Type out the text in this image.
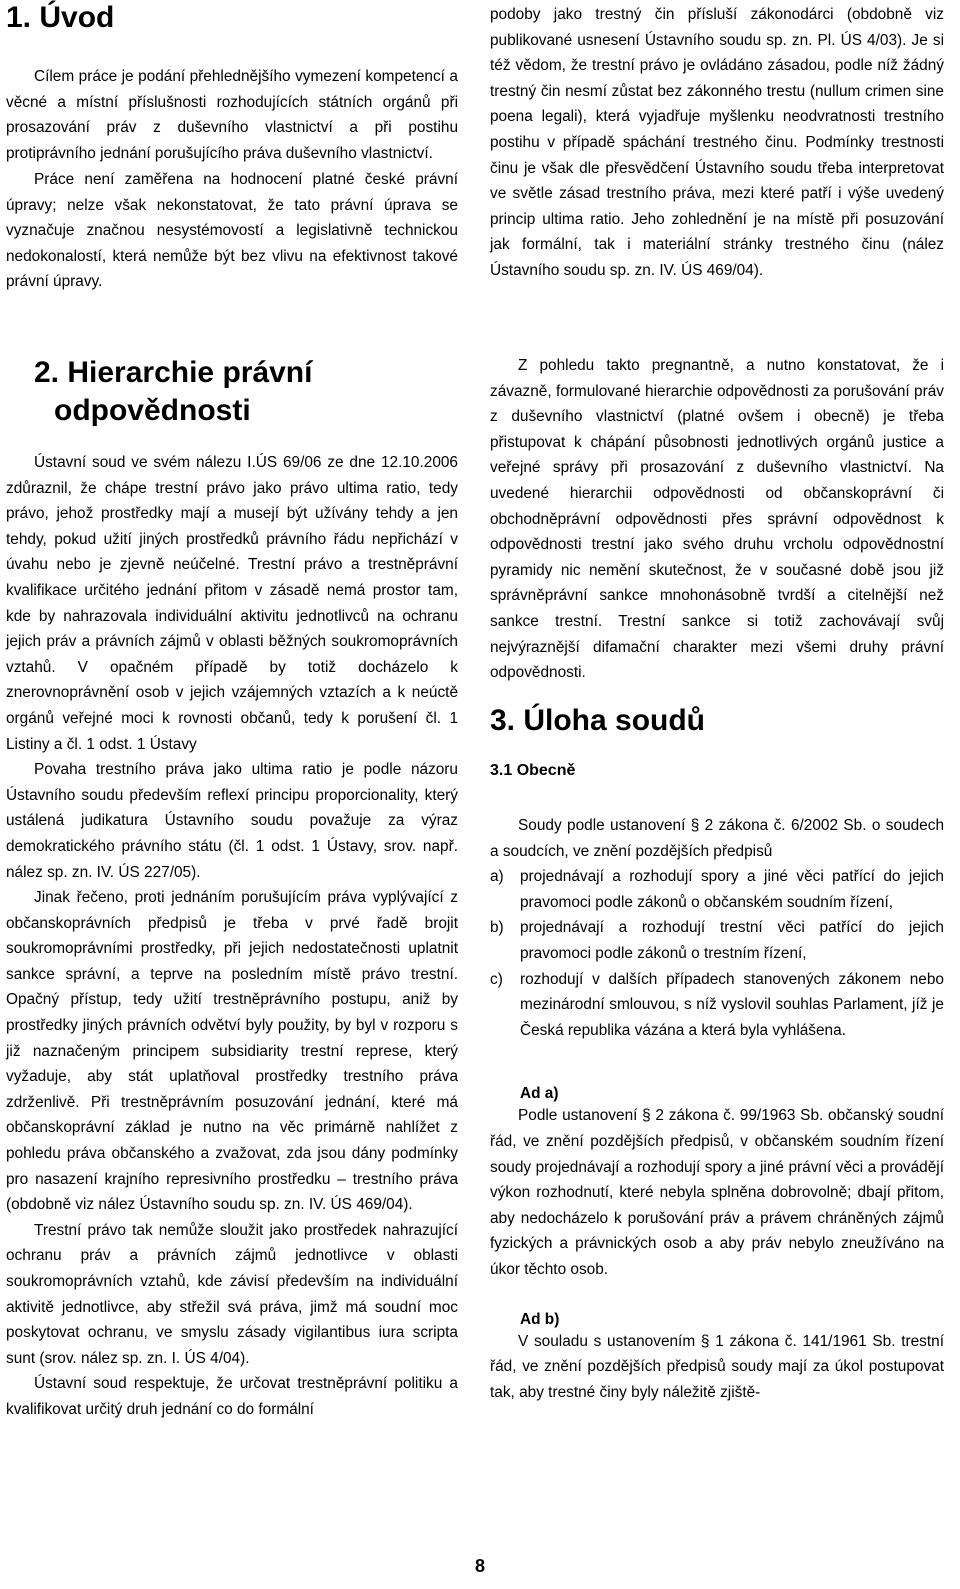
1. Úvod

Cílem práce je podání přehlednějšího vymezení kompetencí a věcné a místní příslušnosti rozhodujících státních orgánů při prosazování práv z duševního vlastnictví a při postihu protiprávního jednání porušujícího práva duševního vlastnictví.

Práce není zaměřena na hodnocení platné české právní úpravy; nelze však nekonstatovat, že tato právní úprava se vyznačuje značnou nesystémovostí a legislativně technickou nedokonalostí, která nemůže být bez vlivu na efektivnost takové právní úpravy.

2. Hierarchie právní
odpovědnosti

Ústavní soud ve svém nálezu I.ÚS 69/06 ze dne 12.10.2006 zdůraznil, že chápe trestní právo jako právo ultima ratio, tedy právo, jehož prostředky mají a musejí být užívány tehdy a jen tehdy, pokud užití jiných prostředků právního řádu nepřichází v úvahu nebo je zjevně neúčelné. Trestní právo a trestněprávní kvalifikace určitého jednání přitom v zásadě nemá prostor tam, kde by nahrazovala individuální aktivitu jednotlivců na ochranu jejich práv a právních zájmů v oblasti běžných soukromoprávních vztahů. V opačném případě by totiž docházelo k znerovnoprávnění osob v jejich vzájemných vztazích a k neúctě orgánů veřejné moci k rovnosti občanů, tedy k porušení čl. 1 Listiny a čl. 1 odst. 1 Ústavy

Povaha trestního práva jako ultima ratio je podle názoru Ústavního soudu především reflexí principu proporcionality, který ustálená judikatura Ústavního soudu považuje za výraz demokratického právního státu (čl. 1 odst. 1 Ústavy, srov. např. nález sp. zn. IV. ÚS 227/05).

Jinak řečeno, proti jednáním porušujícím práva vyplývající z občanskoprávních předpisů je třeba v prvé řadě brojit soukromoprávními prostředky, při jejich nedostatečnosti uplatnit sankce správní, a teprve na posledním místě právo trestní. Opačný přístup, tedy užití trestněprávního postupu, aniž by prostředky jiných právních odvětví byly použity, by byl v rozporu s již naznačeným principem subsidiarity trestní represe, který vyžaduje, aby stát uplatňoval prostředky trestního práva zdrženlivě. Při trestněprávním posuzování jednání, které má občanskoprávní základ je nutno na věc primárně nahlížet z pohledu práva občanského a zvažovat, zda jsou dány podmínky pro nasazení krajního represivního prostředku – trestního práva (obdobně viz nález Ústavního soudu sp. zn. IV. ÚS 469/04).

Trestní právo tak nemůže sloužit jako prostředek nahrazující ochranu práv a právních zájmů jednotlivce v oblasti soukromoprávních vztahů, kde závisí především na individuální aktivitě jednotlivce, aby střežil svá práva, jimž má soudní moc poskytovat ochranu, ve smyslu zásady vigilantibus iura scripta sunt (srov. nález sp. zn. I. ÚS 4/04).

Ústavní soud respektuje, že určovat trestněprávní politiku a kvalifikovat určitý druh jednání co do formální

podoby jako trestný čin přísluší zákonodárci (obdobně viz publikované usnesení Ústavního soudu sp. zn. Pl. ÚS 4/03). Je si též vědom, že trestní právo je ovládáno zásadou, podle níž žádný trestný čin nesmí zůstat bez zákonného trestu (nullum crimen sine poena legali), která vyjadřuje myšlenku neodvratnosti trestního postihu v případě spáchání trestného činu. Podmínky trestnosti činu je však dle přesvědčení Ústavního soudu třeba interpretovat ve světle zásad trestního práva, mezi které patří i výše uvedený princip ultima ratio. Jeho zohlednění je na místě při posuzování jak formální, tak i materiální stránky trestného činu (nález Ústavního soudu sp. zn. IV. ÚS 469/04).

Z pohledu takto pregnantně, a nutno konstatovat, že i závazně, formulované hierarchie odpovědnosti za porušování práv z duševního vlastnictví (platné ovšem i obecně) je třeba přistupovat k chápání působnosti jednotlivých orgánů justice a veřejné správy při prosazování z duševního vlastnictví. Na uvedené hierarchii odpovědnosti od občanskoprávní či obchodněprávní odpovědnosti přes správní odpovědnost k odpovědnosti trestní jako svého druhu vrcholu odpovědnostní pyramidy nic nemění skutečnost, že v současné době jsou již správněprávní sankce mnohonásobně tvrdší a citelnější než sankce trestní. Trestní sankce si totiž zachovávají svůj nejvýraznější difamační charakter mezi všemi druhy právní odpovědnosti.

3. Úloha soudů
3.1 Obecně

Soudy podle ustanovení § 2 zákona č. 6/2002 Sb. o soudech a soudcích, ve znění pozdějších předpisů

a) projednávají a rozhodují spory a jiné věci patřící do jejich pravomoci podle zákonů o občanském soudním řízení,
b) projednávají a rozhodují trestní věci patřící do jejich pravomoci podle zákonů o trestním řízení,
c) rozhodují v dalších případech stanovených zákonem nebo mezinárodní smlouvou, s níž vyslovil souhlas Parlament, jíž je Česká republika vázána a která byla vyhlášena.
Ad a)

Podle ustanovení § 2 zákona č. 99/1963 Sb. občanský soudní řád, ve znění pozdějších předpisů, v občanském soudním řízení soudy projednávají a rozhodují spory a jiné právní věci a provádějí výkon rozhodnutí, které nebyla splněna dobrovolně; dbají přitom, aby nedocházelo k porušování práv a právem chráněných zájmů fyzických a právnických osob a aby práv nebylo zneužíváno na úkor těchto osob.

Ad b)

V souladu s ustanovením § 1 zákona č. 141/1961 Sb. trestní řád, ve znění pozdějších předpisů soudy mají za úkol postupovat tak, aby trestné činy byly náležitě zjiště-

8
